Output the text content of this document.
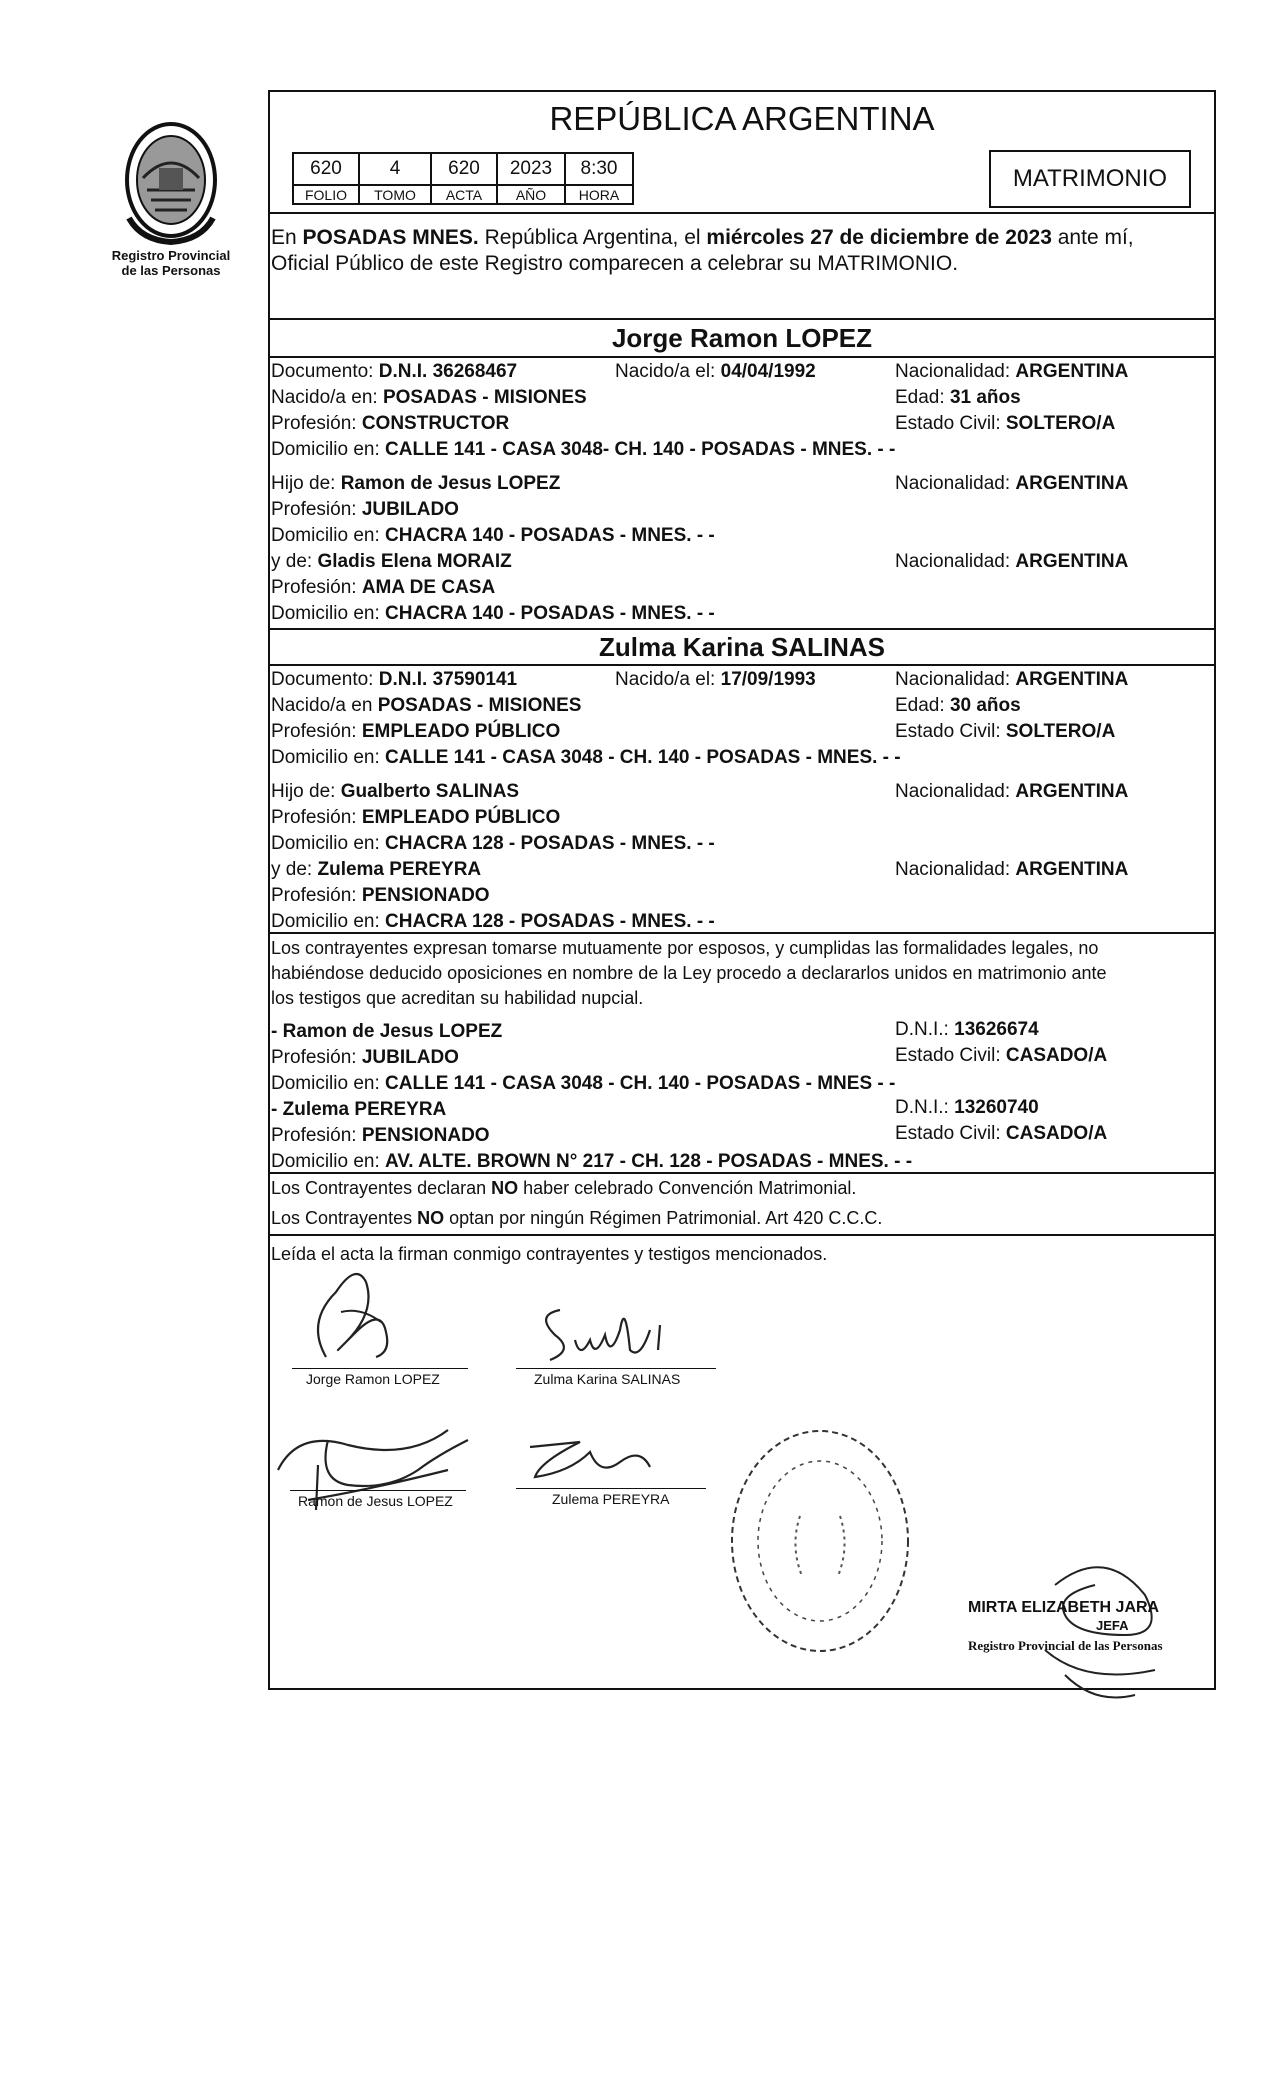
Registro Provincial
de las Personas
REPÚBLICA ARGENTINA
620	4	620	2023	8:30
FOLIO	TOMO	ACTA	AÑO	HORA
MATRIMONIO
En POSADAS MNES. República Argentina, el miércoles 27 de diciembre de 2023 ante mí,
Oficial Público de este Registro comparecen a celebrar su MATRIMONIO.
Jorge Ramon LOPEZ
Documento: D.N.I. 36268467	Nacido/a el: 04/04/1992	Nacionalidad: ARGENTINA
Nacido/a en: POSADAS - MISIONES	Edad: 31 años
Profesión: CONSTRUCTOR	Estado Civil: SOLTERO/A
Domicilio en: CALLE 141 - CASA 3048- CH. 140 - POSADAS - MNES. - -
Hijo de: Ramon de Jesus LOPEZ	Nacionalidad: ARGENTINA
Profesión: JUBILADO
Domicilio en: CHACRA 140 - POSADAS - MNES. - -
y de: Gladis Elena MORAIZ	Nacionalidad: ARGENTINA
Profesión: AMA DE CASA
Domicilio en: CHACRA 140 - POSADAS - MNES. - -
Zulma Karina SALINAS
Documento: D.N.I. 37590141	Nacido/a el: 17/09/1993	Nacionalidad: ARGENTINA
Nacido/a en POSADAS - MISIONES	Edad: 30 años
Profesión: EMPLEADO PÚBLICO	Estado Civil: SOLTERO/A
Domicilio en: CALLE 141 - CASA 3048 - CH. 140 - POSADAS - MNES. - -
Hijo de: Gualberto SALINAS	Nacionalidad: ARGENTINA
Profesión: EMPLEADO PÚBLICO
Domicilio en: CHACRA 128 - POSADAS - MNES. - -
y de: Zulema PEREYRA	Nacionalidad: ARGENTINA
Profesión: PENSIONADO
Domicilio en: CHACRA 128 - POSADAS - MNES. - -
Los contrayentes expresan tomarse mutuamente por esposos, y cumplidas las formalidades legales, no
habiéndose deducido oposiciones en nombre de la Ley procedo a declararlos unidos en matrimonio ante
los testigos que acreditan su habilidad nupcial.
- Ramon de Jesus LOPEZ	D.N.I.: 13626674
Profesión: JUBILADO	Estado Civil: CASADO/A
Domicilio en: CALLE 141 - CASA 3048 - CH. 140 - POSADAS - MNES - -
- Zulema PEREYRA	D.N.I.: 13260740
Profesión: PENSIONADO	Estado Civil: CASADO/A
Domicilio en: AV. ALTE. BROWN N° 217 - CH. 128 - POSADAS - MNES. - -
Los Contrayentes declaran NO haber celebrado Convención Matrimonial.
Los Contrayentes NO optan por ningún Régimen Patrimonial. Art 420 C.C.C.
Leída el acta la firman conmigo contrayentes y testigos mencionados.
Jorge Ramon LOPEZ	Zulma Karina SALINAS
Ramon de Jesus LOPEZ	Zulema PEREYRA
MIRTA ELIZABETH JARA
JEFA
Registro Provincial de las Personas
